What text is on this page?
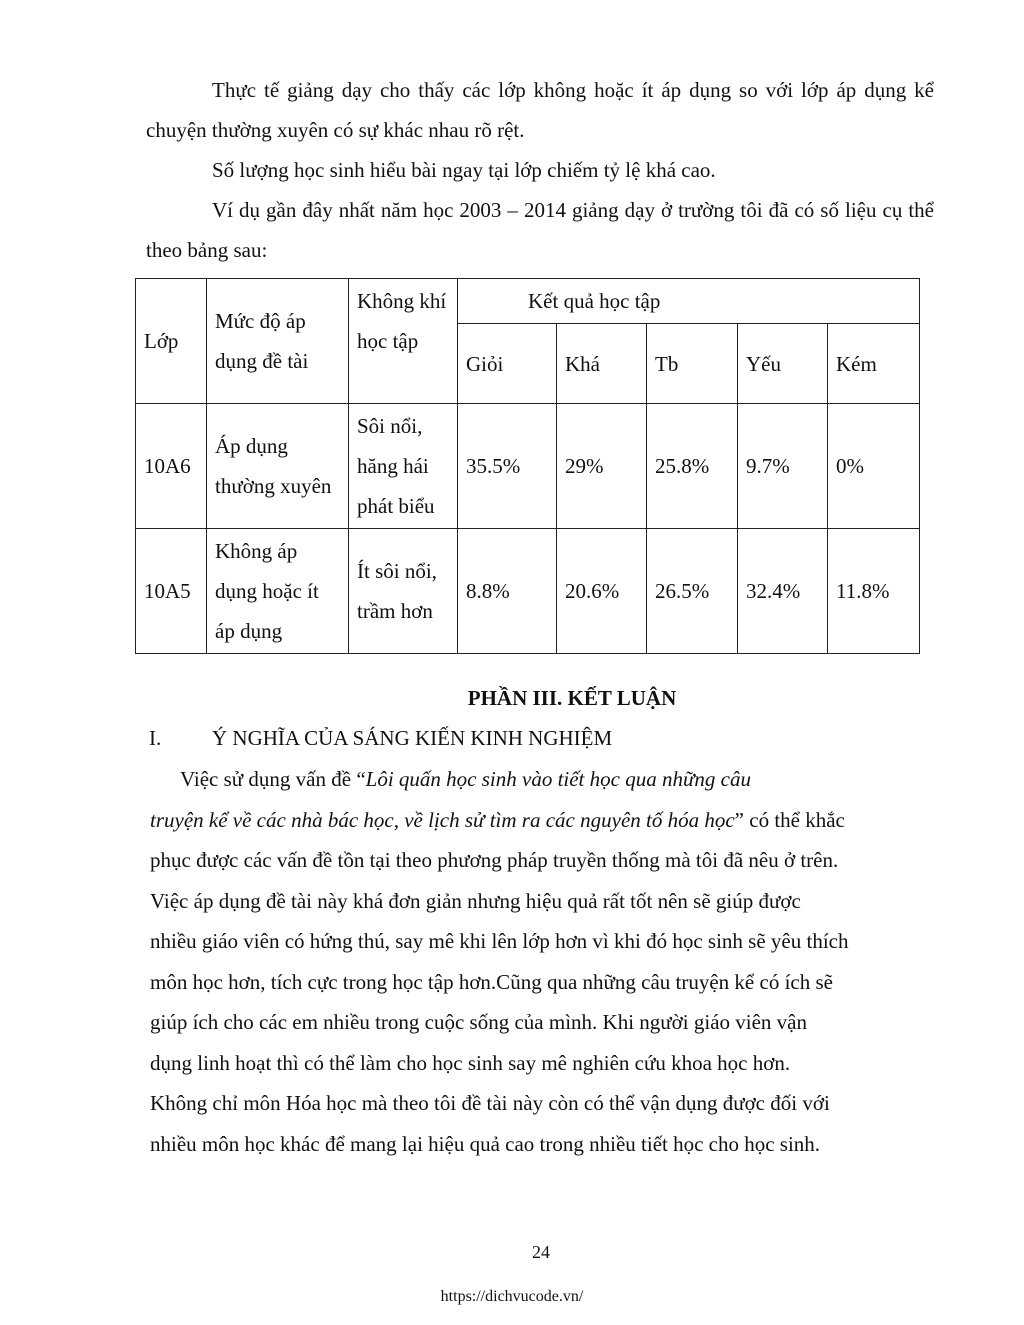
Thực tế giảng dạy cho thấy các lớp không hoặc ít áp dụng so với lớp áp dụng kể chuyện thường xuyên có sự khác nhau rõ rệt.

Số lượng học sinh hiểu bài ngay tại lớp chiếm tỷ lệ khá cao.

Ví dụ gần đây nhất năm học 2003 – 2014 giảng dạy ở trường tôi đã có số liệu cụ thể theo bảng sau:

Lớp	Mức độ áp dụng đề tài	Không khí học tập	Kết quả học tập				
			Giỏi	Khá	Tb	Yếu	Kém
10A6	Áp dụng thường xuyên	Sôi nổi, hăng hái phát biểu	35.5%	29%	25.8%	9.7%	0%
10A5	Không áp dụng hoặc ít áp dụng	Ít sôi nổi, trầm hơn	8.8%	20.6%	26.5%	32.4%	11.8%
PHẦN III. KẾT LUẬN
I. Ý NGHĨA CỦA SÁNG KIẾN KINH NGHIỆM
Việc sử dụng vấn đề “Lôi quấn học sinh vào tiết học qua những câu
truyện kể về các nhà bác học, về lịch sử tìm ra các nguyên tố hóa học” có thể khắc
phục được các vấn đề tồn tại theo phương pháp truyền thống mà tôi đã nêu ở trên.
Việc áp dụng đề tài này khá đơn giản nhưng hiệu quả rất tốt nên sẽ giúp được
nhiều giáo viên có hứng thú, say mê khi lên lớp hơn vì khi đó học sinh sẽ yêu thích
môn học hơn, tích cực trong học tập hơn.Cũng qua những câu truyện kể có ích sẽ
giúp ích cho các em nhiều trong cuộc sống của mình. Khi người giáo viên vận
dụng linh hoạt thì có thể làm cho học sinh say mê nghiên cứu khoa học hơn.
Không chỉ môn Hóa học mà theo tôi đề tài này còn có thể vận dụng được đối với
nhiều môn học khác để mang lại hiệu quả cao trong nhiều tiết học cho học sinh.
24
https://dichvucode.vn/
